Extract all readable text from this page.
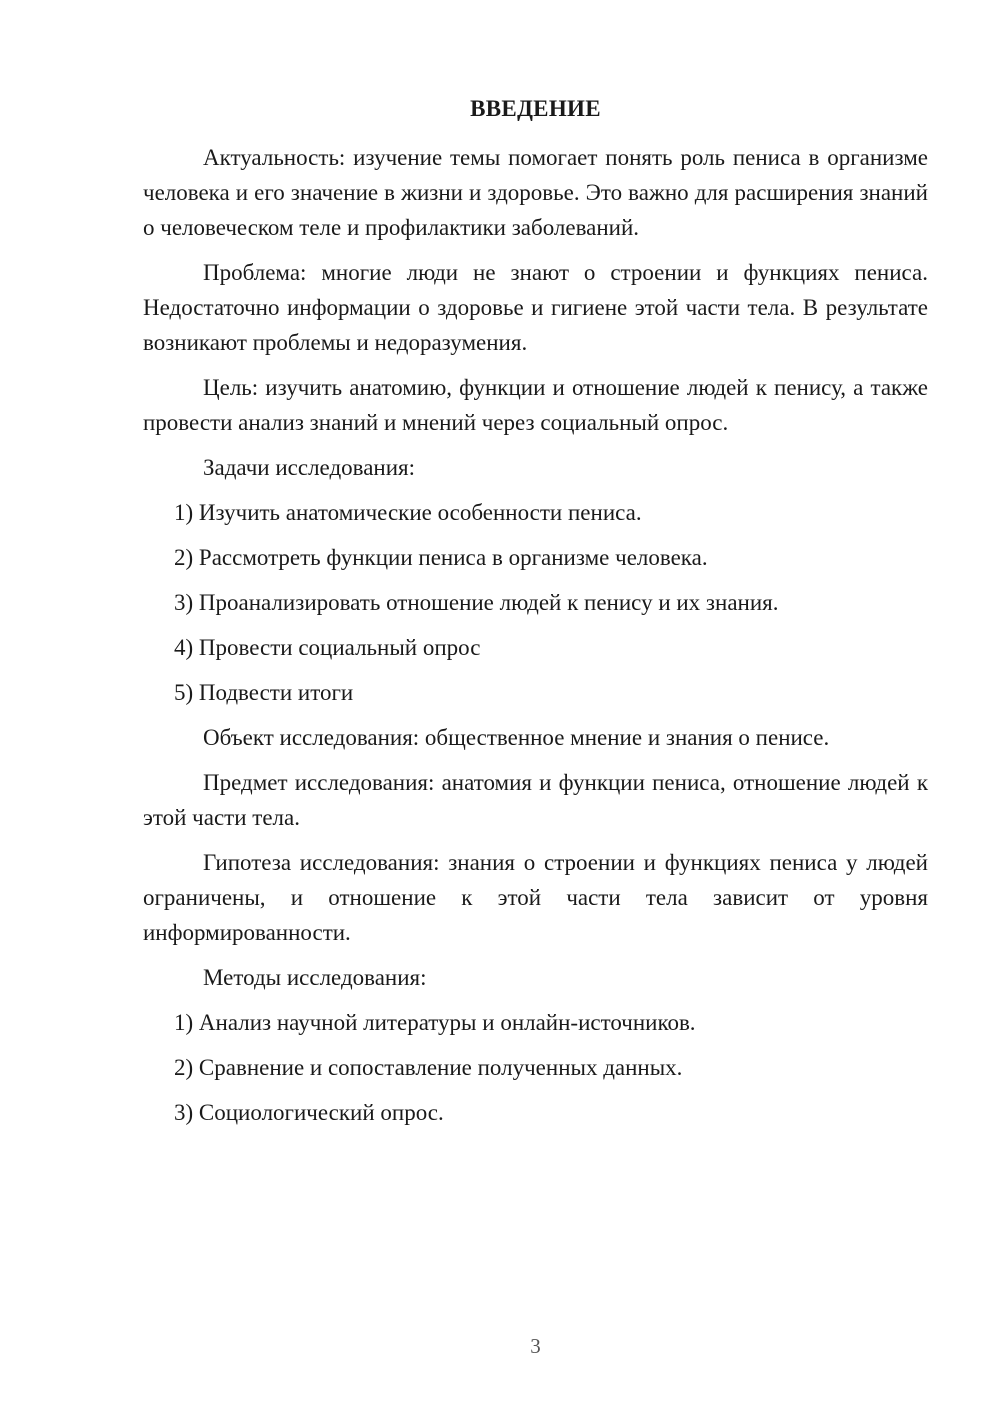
ВВЕДЕНИЕ

Актуальность: изучение темы помогает понять роль пениса в организме человека и его значение в жизни и здоровье. Это важно для расширения знаний о человеческом теле и профилактики заболеваний.

Проблема: многие люди не знают о строении и функциях пениса. Недостаточно информации о здоровье и гигиене этой части тела. В результате возникают проблемы и недоразумения.

Цель: изучить анатомию, функции и отношение людей к пенису, а также провести анализ знаний и мнений через социальный опрос.

Задачи исследования:

1) Изучить анатомические особенности пениса.
2) Рассмотреть функции пениса в организме человека.
3) Проанализировать отношение людей к пенису и их знания.
4) Провести социальный опрос
5) Подвести итоги

Объект исследования: общественное мнение и знания о пенисе.

Предмет исследования: анатомия и функции пениса, отношение людей к этой части тела.

Гипотеза исследования: знания о строении и функциях пениса у людей ограничены, и отношение к этой части тела зависит от уровня информированности.

Методы исследования:

1) Анализ научной литературы и онлайн-источников.
2) Сравнение и сопоставление полученных данных.
3) Социологический опрос.
3
